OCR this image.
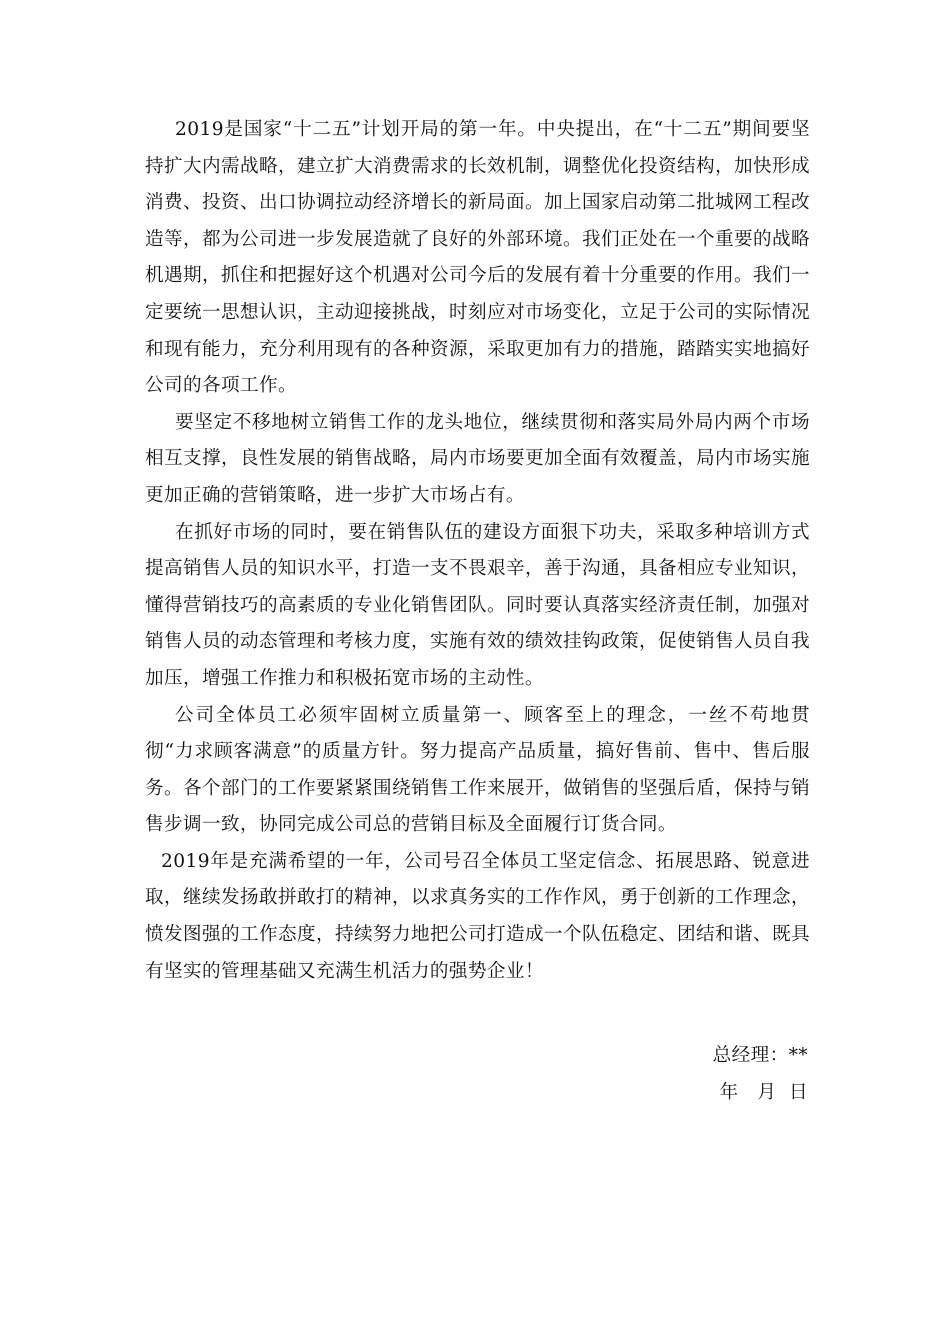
2019是国家“十二五”计划开局的第一年。中央提出，在“十二五”期间要坚持扩大内需战略，建立扩大消费需求的长效机制，调整优化投资结构，加快形成消费、投资、出口协调拉动经济增长的新局面。加上国家启动第二批城网工程改造等，都为公司进一步发展造就了良好的外部环境。我们正处在一个重要的战略机遇期，抓住和把握好这个机遇对公司今后的发展有着十分重要的作用。我们一定要统一思想认识，主动迎接挑战，时刻应对市场变化，立足于公司的实际情况和现有能力，充分利用现有的各种资源，采取更加有力的措施，踏踏实实地搞好公司的各项工作。

要坚定不移地树立销售工作的龙头地位，继续贯彻和落实局外局内两个市场相互支撑，良性发展的销售战略，局内市场要更加全面有效覆盖，局内市场实施更加正确的营销策略，进一步扩大市场占有。

在抓好市场的同时，要在销售队伍的建设方面狠下功夫，采取多种培训方式提高销售人员的知识水平，打造一支不畏艰辛，善于沟通，具备相应专业知识，懂得营销技巧的高素质的专业化销售团队。同时要认真落实经济责任制，加强对销售人员的动态管理和考核力度，实施有效的绩效挂钩政策，促使销售人员自我加压，增强工作推力和积极拓宽市场的主动性。

公司全体员工必须牢固树立质量第一、顾客至上的理念，一丝不苟地贯彻“力求顾客满意”的质量方针。努力提高产品质量，搞好售前、售中、售后服务。各个部门的工作要紧紧围绕销售工作来展开，做销售的坚强后盾，保持与销售步调一致，协同完成公司总的营销目标及全面履行订货合同。

2019年是充满希望的一年，公司号召全体员工坚定信念、拓展思路、锐意进取，继续发扬敢拼敢打的精神，以求真务实的工作作风，勇于创新的工作理念，愤发图强的工作态度，持续努力地把公司打造成一个队伍稳定、团结和谐、既具有坚实的管理基础又充满生机活力的强势企业！

总经理：**
年   月  日
